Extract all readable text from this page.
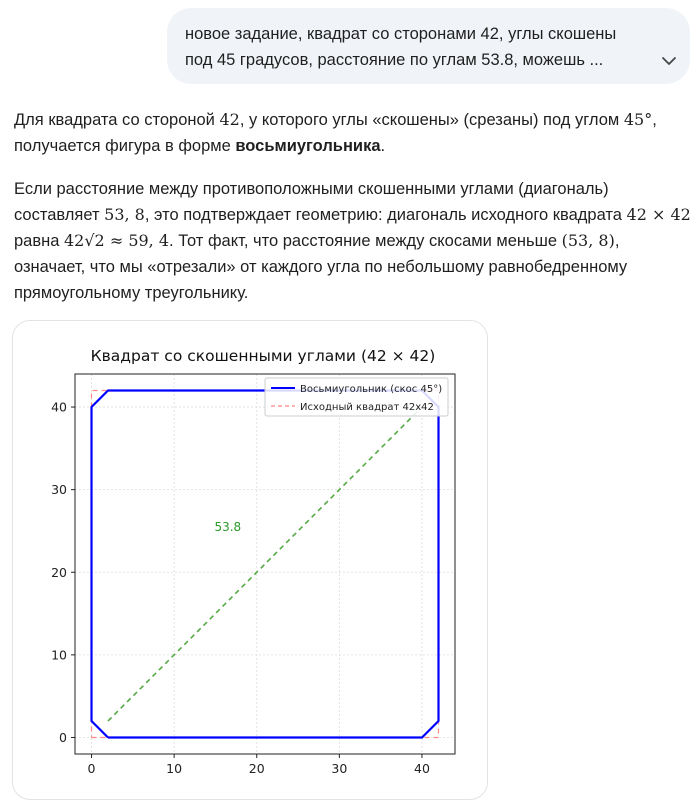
новое задание, квадрат со сторонами 42, углы скошены
под 45 градусов, расстояние по углам 53.8, можешь ...
Для квадрата со стороной 42, у которого углы «скошены» (срезаны) под углом 45°, получается фигура в форме восьмиугольника.
Если расстояние между противоположными скошенными углами (диагональ) составляет 53, 8, это подтверждает геометрию: диагональ исходного квадрата 42 × 42 равна 42√2 ≈ 59, 4. Тот факт, что расстояние между скосами меньше (53, 8), означает, что мы «отрезали» от каждого угла по небольшому равнобедренному прямоугольному треугольнику.
Квадрат со скошенными углами (42 × 42)
0	10	20	30	40
0
10
20
30
40
53.8
Восьмиугольник (скос 45°)
Исходный квадрат 42x42
